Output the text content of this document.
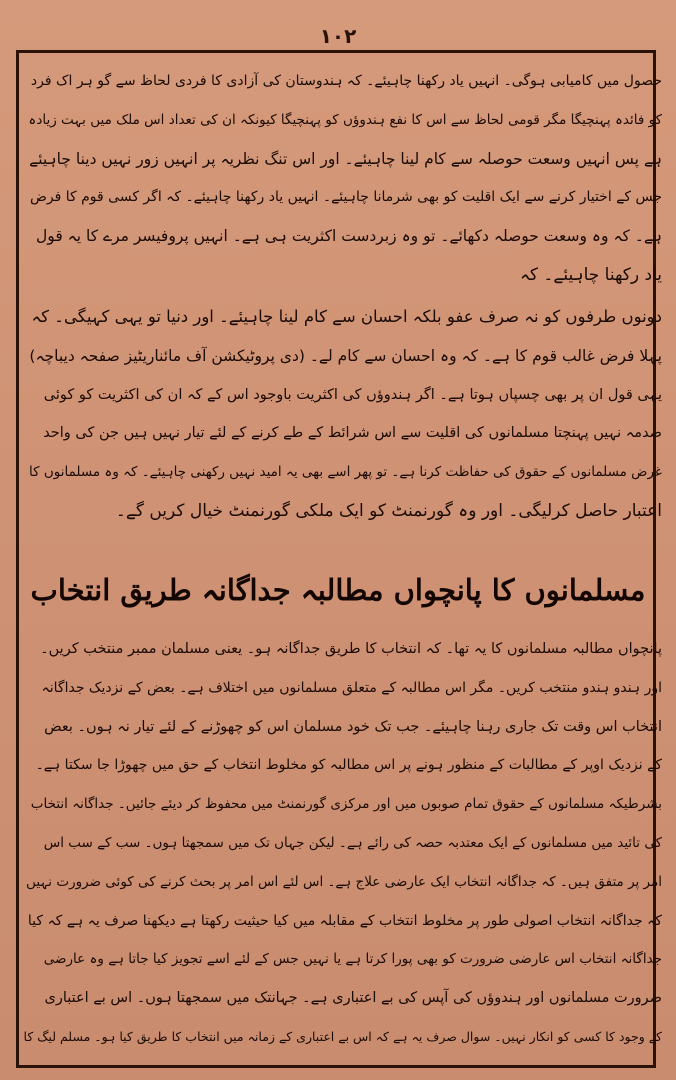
۱۰۲
حصول میں کامیابی ہوگی۔ انہیں یاد رکھنا چاہیئے۔ کہ ہندوستان کی آزادی کا فردی لحاظ سے گو ہر اک فرد
کو فائدہ پہنچیگا مگر قومی لحاظ سے اس کا نفع ہندوؤں کو پہنچیگا کیونکہ ان کی تعداد اس ملک میں بہت زیادہ
ہے پس انہیں وسعت حوصلہ سے کام لینا چاہیئے۔ اور اس تنگ نظریہ پر انہیں زور نہیں دینا چاہیئے
جس کے اختیار کرنے سے ایک اقلیت کو بھی شرمانا چاہیئے۔ انہیں یاد رکھنا چاہیئے۔ کہ اگر کسی قوم کا فرض
ہے۔ کہ وہ وسعت حوصلہ دکھائے۔ تو وہ زبردست اکثریت ہی ہے۔ انہیں پروفیسر مرے کا یہ قول
یاد رکھنا چاہیئے۔ کہ
دونوں طرفوں کو نہ صرف عفو بلکہ احسان سے کام لینا چاہیئے۔ اور دنیا تو یہی کہیگی۔ کہ
پہلا فرض غالب قوم کا ہے۔ کہ وہ احسان سے کام لے۔ (دی پروٹیکشن آف مائناریٹیز صفحہ دیباچہ)
یہی قول ان پر بھی چسپاں ہوتا ہے۔ اگر ہندوؤں کی اکثریت باوجود اس کے کہ ان کی اکثریت کو کوئی
صدمہ نہیں پہنچتا مسلمانوں کی اقلیت سے اس شرائط کے طے کرنے کے لئے تیار نہیں ہیں جن کی واحد
غرض مسلمانوں کے حقوق کی حفاظت کرنا ہے۔ تو پھر اسے بھی یہ امید نہیں رکھنی چاہیئے۔ کہ وہ مسلمانوں کا
اعتبار حاصل کرلیگی۔ اور وہ گورنمنٹ کو ایک ملکی گورنمنٹ خیال کریں گے۔
مسلمانوں کا پانچواں مطالبہ جداگانہ طریق انتخاب
پانچواں مطالبہ مسلمانوں کا یہ تھا۔ کہ انتخاب کا طریق جداگانہ ہو۔ یعنی مسلمان ممبر منتخب کریں۔
اور ہندو ہندو منتخب کریں۔ مگر اس مطالبہ کے متعلق مسلمانوں میں اختلاف ہے۔ بعض کے نزدیک جداگانہ
انتخاب اس وقت تک جاری رہنا چاہیئے۔ جب تک خود مسلمان اس کو چھوڑنے کے لئے تیار نہ ہوں۔ بعض
کے نزدیک اوپر کے مطالبات کے منظور ہونے پر اس مطالبہ کو مخلوط انتخاب کے حق میں چھوڑا جا سکتا ہے۔
بشرطیکہ مسلمانوں کے حقوق تمام صوبوں میں اور مرکزی گورنمنٹ میں محفوظ کر دیئے جائیں۔ جداگانہ انتخاب
کی تائید میں مسلمانوں کے ایک معتدبہ حصہ کی رائے ہے۔ لیکن جہاں تک میں سمجھتا ہوں۔ سب کے سب اس
امر پر متفق ہیں۔ کہ جداگانہ انتخاب ایک عارضی علاج ہے۔ اس لئے اس امر پر بحث کرنے کی کوئی ضرورت نہیں
کہ جداگانہ انتخاب اصولی طور پر مخلوط انتخاب کے مقابلہ میں کیا حیثیت رکھتا ہے دیکھنا صرف یہ ہے کہ کیا
جداگانہ انتخاب اس عارضی ضرورت کو بھی پورا کرتا ہے یا نہیں جس کے لئے اسے تجویز کیا جاتا ہے وہ عارضی
ضرورت مسلمانوں اور ہندوؤں کی آپس کی بے اعتباری ہے۔ جہانتک میں سمجھتا ہوں۔ اس بے اعتباری
کے وجود کا کسی کو انکار نہیں۔ سوال صرف یہ ہے کہ اس بے اعتباری کے زمانہ میں انتخاب کا طریق کیا ہو۔ مسلم لیگ کا
